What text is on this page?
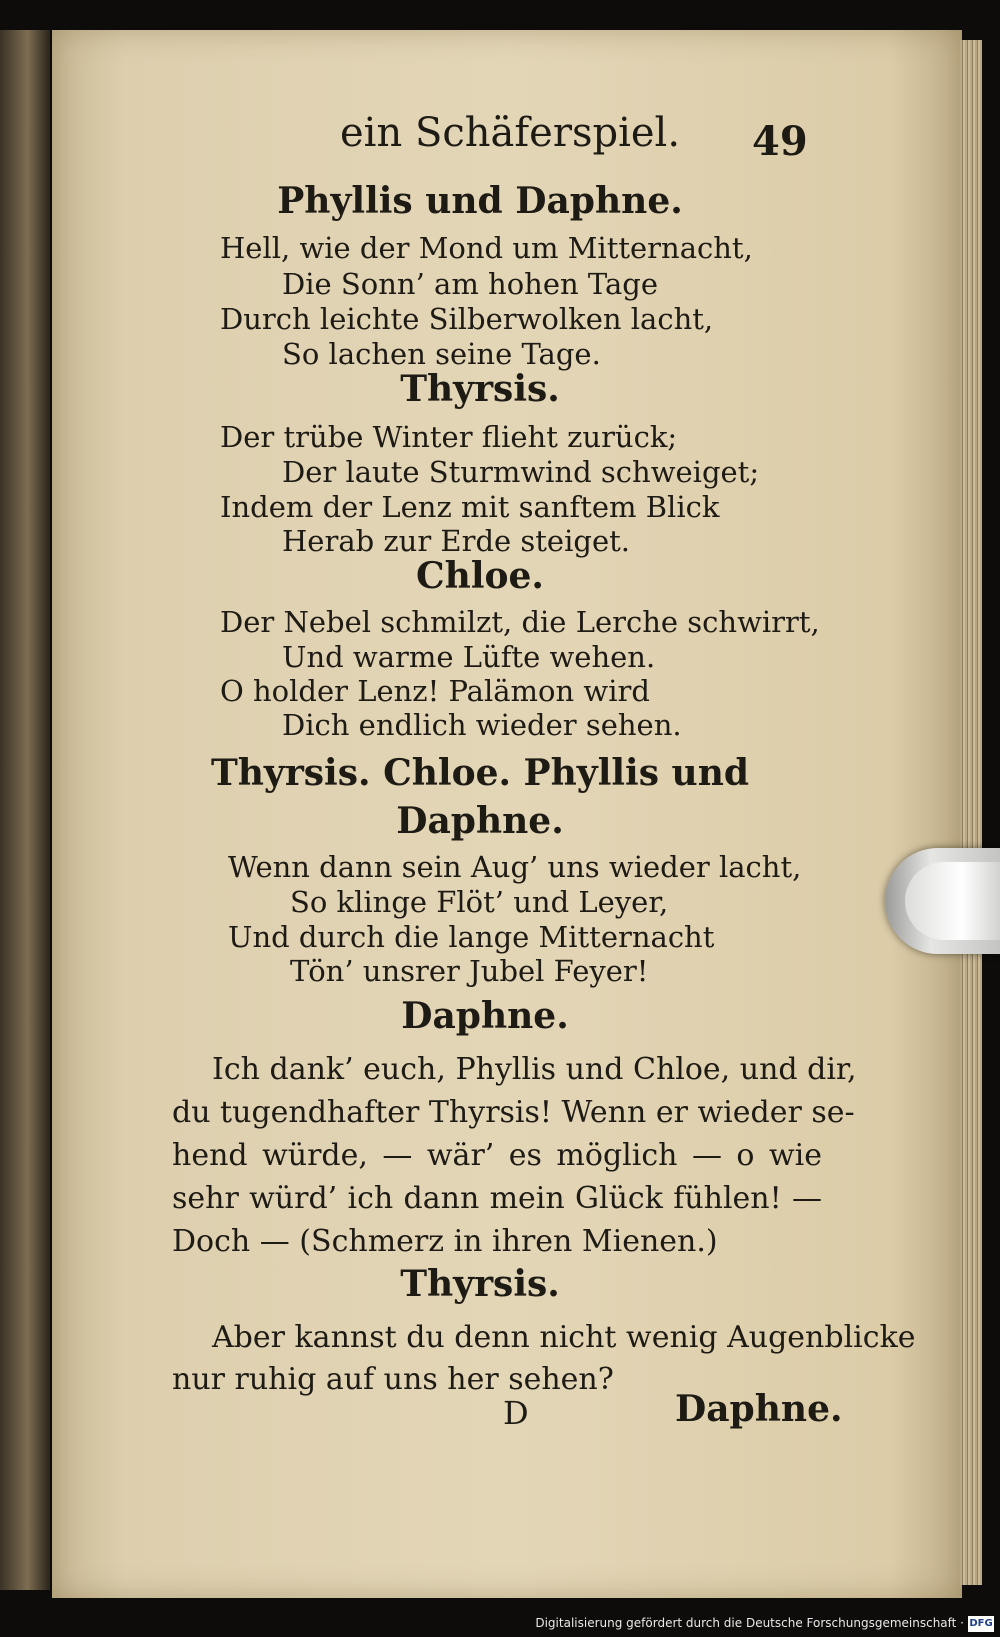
ein Schäferspiel. 49
Phyllis und Daphne.
Hell, wie der Mond um Mitternacht,
Die Sonn’ am hohen Tage
Durch leichte Silberwolken lacht,
So lachen seine Tage.
Thyrsis.
Der trübe Winter flieht zurück;
Der laute Sturmwind schweiget;
Indem der Lenz mit sanftem Blick
Herab zur Erde steiget.
Chloe.
Der Nebel schmilzt, die Lerche schwirrt,
Und warme Lüfte wehen.
O holder Lenz! Palämon wird
Dich endlich wieder sehen.
Thyrsis. Chloe. Phyllis und
Daphne.
Wenn dann sein Aug’ uns wieder lacht,
So klinge Flöt’ und Leyer,
Und durch die lange Mitternacht
Tön’ unsrer Jubel Feyer!
Daphne.
Ich dank’ euch, Phyllis und Chloe, und dir,
du tugendhafter Thyrsis! Wenn er wieder se-
hend würde, — wär’ es möglich — o wie
sehr würd’ ich dann mein Glück fühlen! —
Doch — (Schmerz in ihren Mienen.)
Thyrsis.
Aber kannst du denn nicht wenig Augenblicke
nur ruhig auf uns her sehen?
D	Daphne.
Digitalisierung gefördert durch die Deutsche Forschungsgemeinschaft · DFG
